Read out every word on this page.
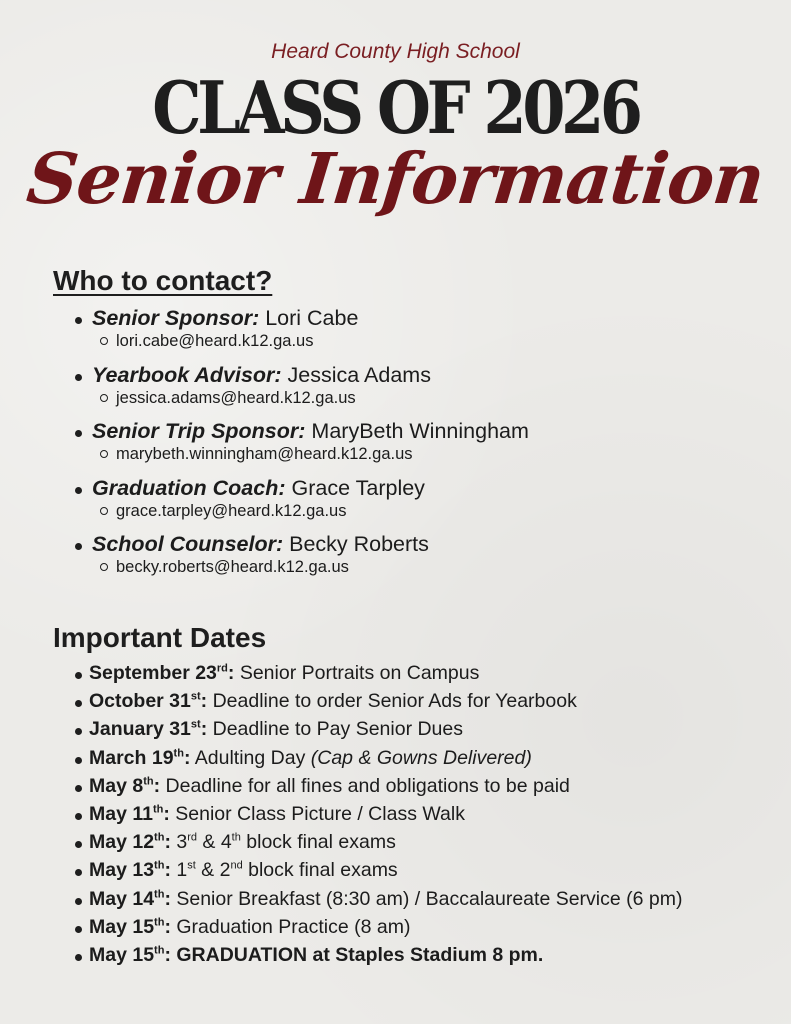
Heard County High School
CLASS OF 2026
Senior Information
Who to contact?
Senior Sponsor: Lori Cabe
lori.cabe@heard.k12.ga.us
Yearbook Advisor: Jessica Adams
jessica.adams@heard.k12.ga.us
Senior Trip Sponsor: MaryBeth Winningham
marybeth.winningham@heard.k12.ga.us
Graduation Coach: Grace Tarpley
grace.tarpley@heard.k12.ga.us
School Counselor: Becky Roberts
becky.roberts@heard.k12.ga.us
Important Dates
September 23rd: Senior Portraits on Campus
October 31st: Deadline to order Senior Ads for Yearbook
January 31st: Deadline to Pay Senior Dues
March 19th: Adulting Day (Cap & Gowns Delivered)
May 8th: Deadline for all fines and obligations to be paid
May 11th: Senior Class Picture / Class Walk
May 12th: 3rd & 4th block final exams
May 13th: 1st & 2nd block final exams
May 14th: Senior Breakfast (8:30 am) / Baccalaureate Service (6 pm)
May 15th: Graduation Practice (8 am)
May 15th: GRADUATION at Staples Stadium 8 pm.
